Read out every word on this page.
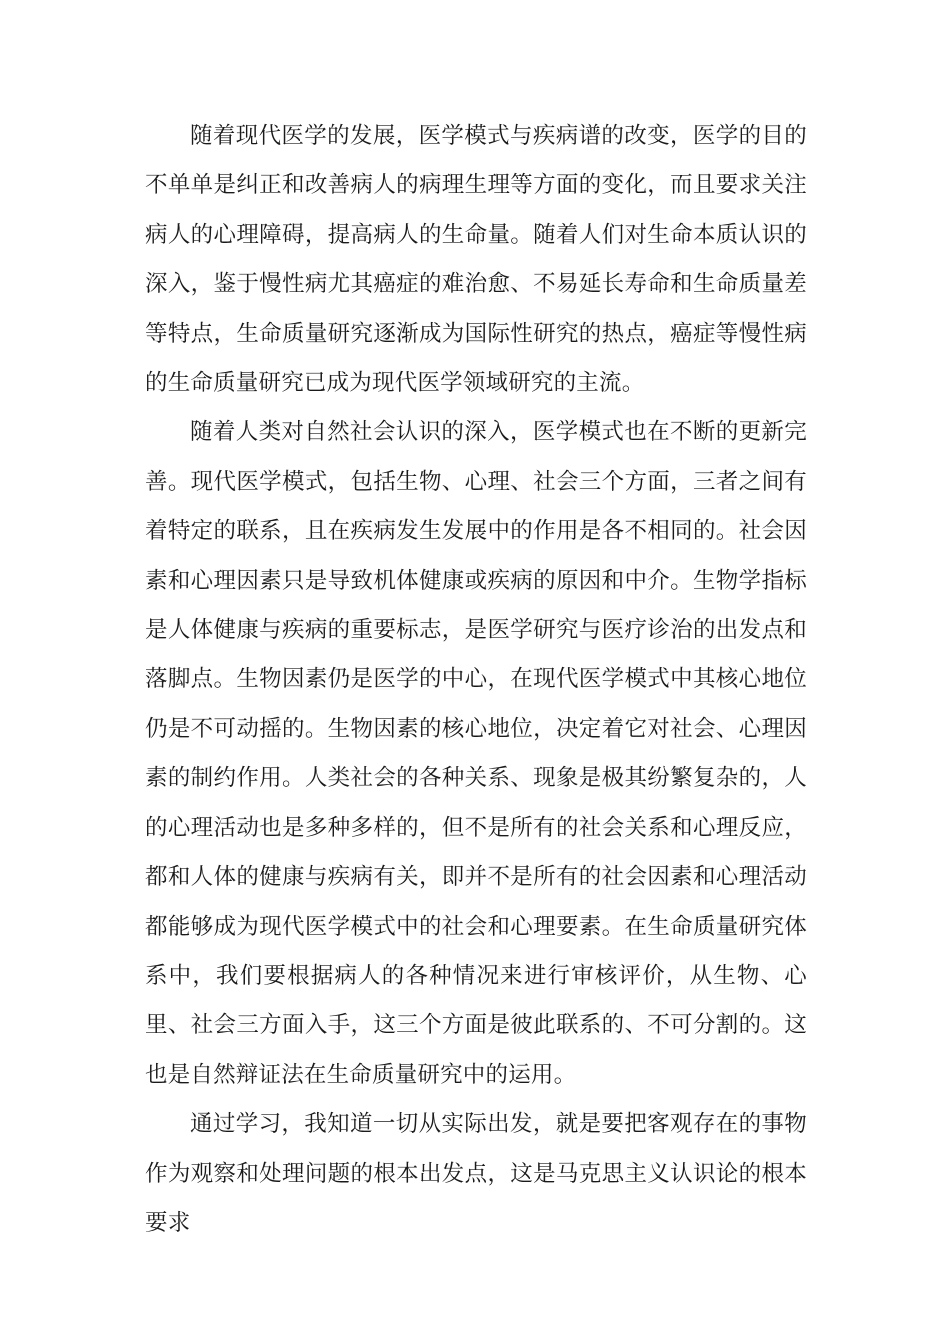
随着现代医学的发展，医学模式与疾病谱的改变，医学的目的不单单是纠正和改善病人的病理生理等方面的变化，而且要求关注病人的心理障碍，提高病人的生命量。随着人们对生命本质认识的深入，鉴于慢性病尤其癌症的难治愈、不易延长寿命和生命质量差等特点，生命质量研究逐渐成为国际性研究的热点，癌症等慢性病的生命质量研究已成为现代医学领域研究的主流。

随着人类对自然社会认识的深入，医学模式也在不断的更新完善。现代医学模式，包括生物、心理、社会三个方面，三者之间有着特定的联系，且在疾病发生发展中的作用是各不相同的。社会因素和心理因素只是导致机体健康或疾病的原因和中介。生物学指标是人体健康与疾病的重要标志，是医学研究与医疗诊治的出发点和落脚点。生物因素仍是医学的中心，在现代医学模式中其核心地位仍是不可动摇的。生物因素的核心地位，决定着它对社会、心理因素的制约作用。人类社会的各种关系、现象是极其纷繁复杂的，人的心理活动也是多种多样的，但不是所有的社会关系和心理反应，都和人体的健康与疾病有关，即并不是所有的社会因素和心理活动都能够成为现代医学模式中的社会和心理要素。在生命质量研究体系中，我们要根据病人的各种情况来进行审核评价，从生物、心里、社会三方面入手，这三个方面是彼此联系的、不可分割的。这也是自然辩证法在生命质量研究中的运用。

通过学习，我知道一切从实际出发，就是要把客观存在的事物作为观察和处理问题的根本出发点，这是马克思主义认识论的根本要求
